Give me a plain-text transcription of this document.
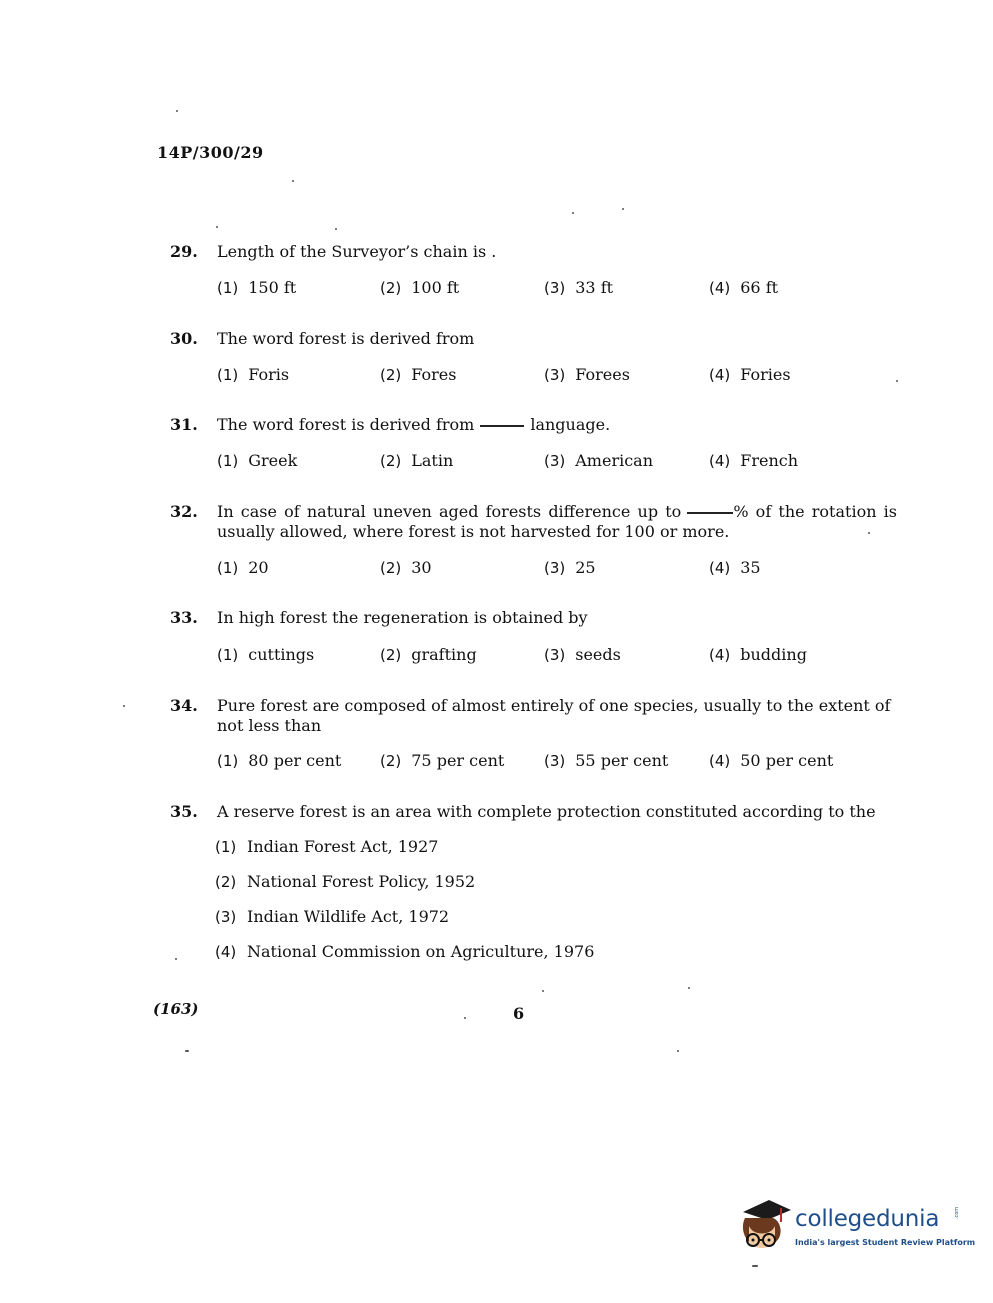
14P/300/29
29. Length of the Surveyor’s chain is .
(1) 150 ft	(2) 100 ft	(3) 33 ft	(4) 66 ft
30. The word forest is derived from
(1) Foris	(2) Fores	(3) Forees	(4) Fories
31. The word forest is derived from	language.
(1) Greek	(2) Latin	(3) American	(4) French
32. In case of natural uneven aged forests difference up to	% of the rotation is usually allowed, where forest is not harvested for 100 or more.
(1) 20	(2) 30	(3) 25	(4) 35
33. In high forest the regeneration is obtained by
(1) cuttings	(2) grafting	(3) seeds	(4) budding
34. Pure forest are composed of almost entirely of one species, usually to the extent of not less than
(1) 80 per cent	(2) 75 per cent	(3) 55 per cent	(4) 50 per cent
35. A reserve forest is an area with complete protection constituted according to the
(1) Indian Forest Act, 1927
(2) National Forest Policy, 1952
(3) Indian Wildlife Act, 1972
(4) National Commission on Agriculture, 1976
(163)	6
collegedunia	.com
India's largest Student Review Platform
